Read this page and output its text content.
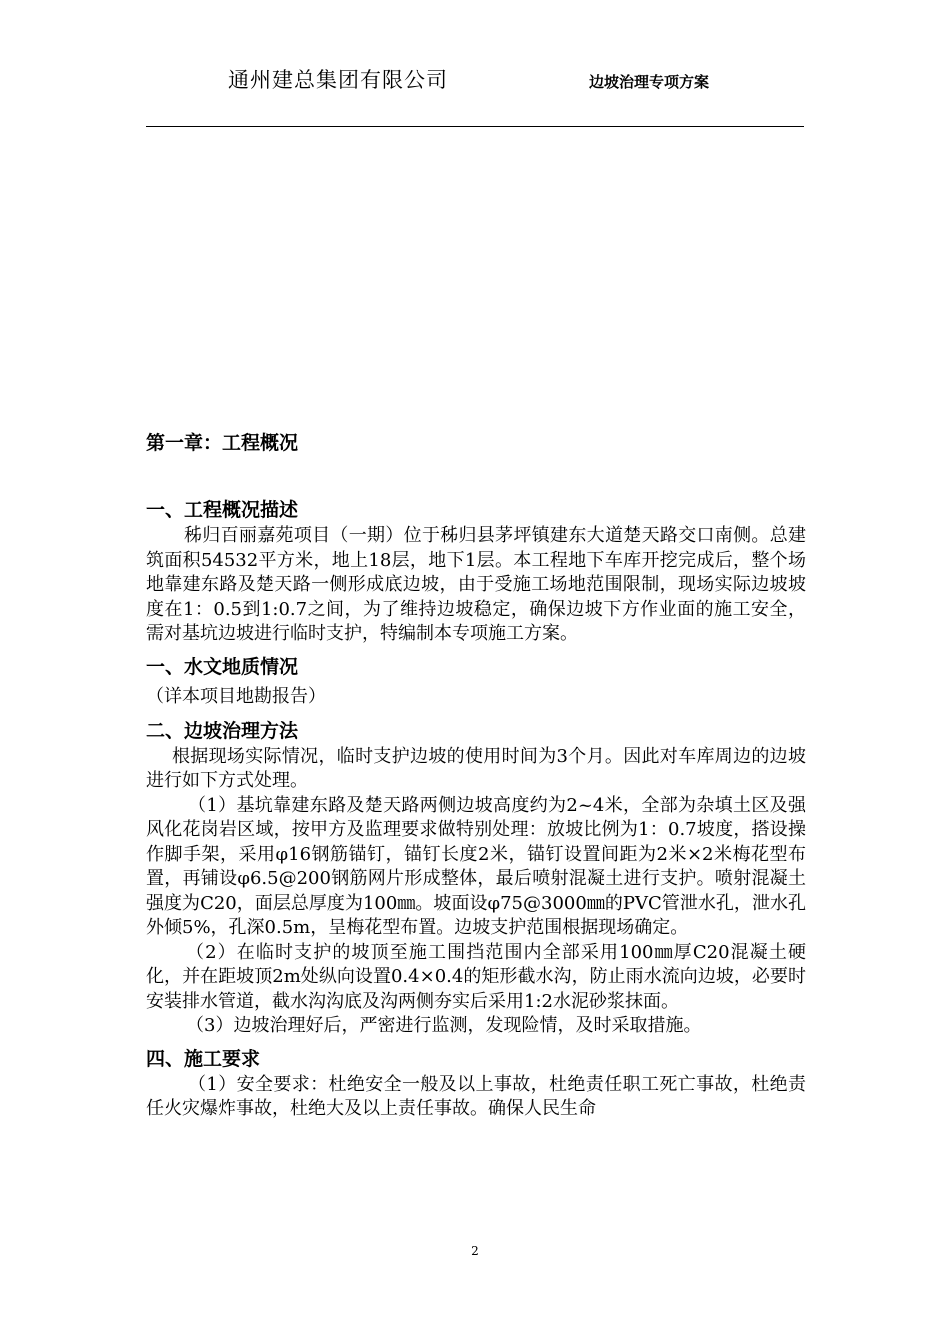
通州建总集团有限公司	边坡治理专项方案
第一章：工程概况
一、工程概况描述

秭归百丽嘉苑项目（一期）位于秭归县茅坪镇建东大道楚天路交口南侧。总建筑面积54532平方米，地上18层，地下1层。本工程地下车库开挖完成后，整个场地靠建东路及楚天路一侧形成底边坡，由于受施工场地范围限制，现场实际边坡坡度在1：0.5到1:0.7之间，为了维持边坡稳定，确保边坡下方作业面的施工安全，需对基坑边坡进行临时支护，特编制本专项施工方案。

一、水文地质情况

（详本项目地勘报告）

二、边坡治理方法

根据现场实际情况，临时支护边坡的使用时间为3个月。因此对车库周边的边坡进行如下方式处理。

（1）基坑靠建东路及楚天路两侧边坡高度约为2~4米，全部为杂填土区及强风化花岗岩区域，按甲方及监理要求做特别处理：放坡比例为1：0.7坡度，搭设操作脚手架，采用φ16钢筋锚钉，锚钉长度2米，锚钉设置间距为2米×2米梅花型布置，再铺设φ6.5@200钢筋网片形成整体，最后喷射混凝土进行支护。喷射混凝土强度为C20，面层总厚度为100㎜。坡面设φ75@3000㎜的PVC管泄水孔，泄水孔外倾5%，孔深0.5m，呈梅花型布置。边坡支护范围根据现场确定。

（2）在临时支护的坡顶至施工围挡范围内全部采用100㎜厚C20混凝土硬化，并在距坡顶2m处纵向设置0.4×0.4的矩形截水沟，防止雨水流向边坡，必要时安装排水管道，截水沟沟底及沟两侧夯实后采用1:2水泥砂浆抹面。

（3）边坡治理好后，严密进行监测，发现险情，及时采取措施。

四、施工要求

（1）安全要求：杜绝安全一般及以上事故，杜绝责任职工死亡事故，杜绝责任火灾爆炸事故，杜绝大及以上责任事故。确保人民生命

2
